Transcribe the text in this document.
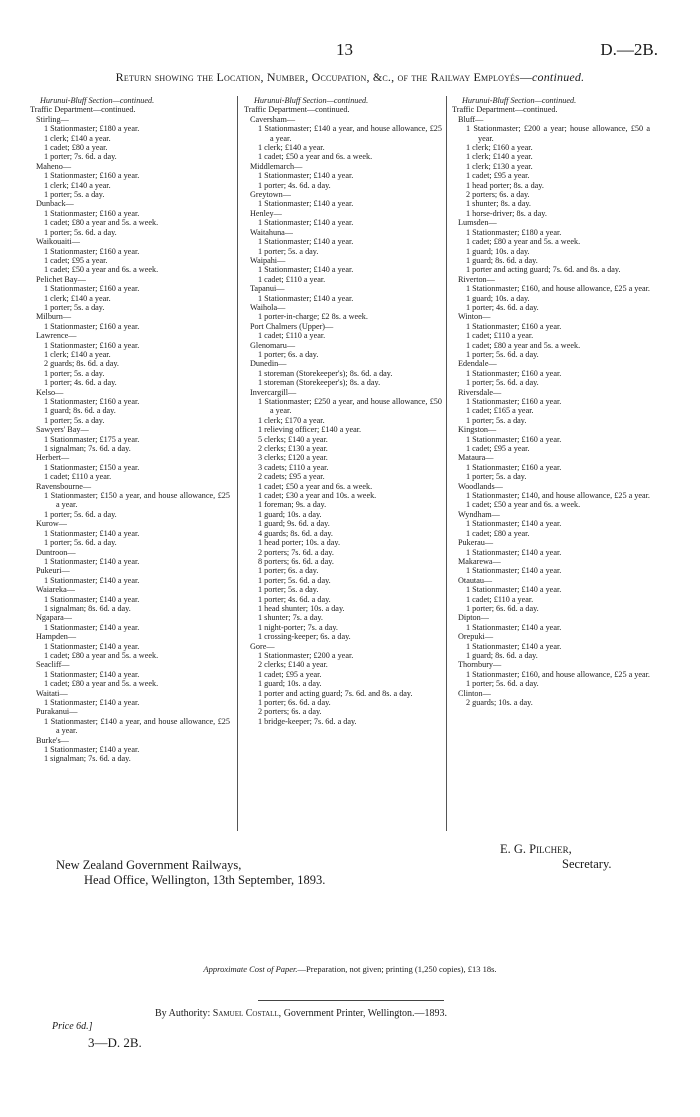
13	D.—2B.
Return showing the Location, Number, Occupation, &c., of the Railway Employés—continued.
Hurunui-Bluff Section—continued.
Traffic Department—continued.
Stirling—
1 Stationmaster; £180 a year.
1 clerk; £140 a year.
1 cadet; £80 a year.
1 porter; 7s. 6d. a day.
Maheno—
1 Stationmaster; £160 a year.
1 clerk; £140 a year.
1 porter; 5s. a day.
Dunback—
1 Stationmaster; £160 a year.
1 cadet; £80 a year and 5s. a week.
1 porter; 5s. 6d. a day.
Waikouaiti—
1 Stationmaster; £160 a year.
1 cadet; £95 a year.
1 cadet; £50 a year and 6s. a week.
Pelichet Bay—
1 Stationmaster; £160 a year.
1 clerk; £140 a year.
1 porter; 5s. a day.
Milburn—
1 Stationmaster; £160 a year.
Lawrence—
1 Stationmaster; £160 a year.
1 clerk; £140 a year.
2 guards; 8s. 6d. a day.
1 porter; 5s. a day.
1 porter; 4s. 6d. a day.
Kelso—
1 Stationmaster; £160 a year.
1 guard; 8s. 6d. a day.
1 porter; 5s. a day.
Sawyers' Bay—
1 Stationmaster; £175 a year.
1 signalman; 7s. 6d. a day.
Herbert—
1 Stationmaster; £150 a year.
1 cadet; £110 a year.
Ravensbourne—
1 Stationmaster; £150 a year, and house allowance, £25 a year.
1 porter; 5s. 6d. a day.
Kurow—
1 Stationmaster; £140 a year.
1 porter; 5s. 6d. a day.
Duntroon—
1 Stationmaster; £140 a year.
Pukeuri—
1 Stationmaster; £140 a year.
Waiareka—
1 Stationmaster; £140 a year.
1 signalman; 8s. 6d. a day.
Ngapara—
1 Stationmaster; £140 a year.
Hampden—
1 Stationmaster; £140 a year.
1 cadet; £80 a year and 5s. a week.
Seacliff—
1 Stationmaster; £140 a year.
1 cadet; £80 a year and 5s. a week.
Waitati—
1 Stationmaster; £140 a year.
Purakanui—
1 Stationmaster; £140 a year, and house allowance, £25 a year.
Burke's—
1 Stationmaster; £140 a year.
1 signalman; 7s. 6d. a day.
Hurunui-Bluff Section—continued.
Traffic Department—continued.
Caversham—
1 Stationmaster; £140 a year, and house allowance, £25 a year.
1 clerk; £140 a year.
1 cadet; £50 a year and 6s. a week.
Middlemarch—
1 Stationmaster; £140 a year.
1 porter; 4s. 6d. a day.
Greytown—
1 Stationmaster; £140 a year.
Henley—
1 Stationmaster; £140 a year.
Waitahuna—
1 Stationmaster; £140 a year.
1 porter; 5s. a day.
Waipahi—
1 Stationmaster; £140 a year.
1 cadet; £110 a year.
Tapanui—
1 Stationmaster; £140 a year.
Waihola—
1 porter-in-charge; £2 8s. a week.
Port Chalmers (Upper)—
1 cadet; £110 a year.
Glenomaru—
1 porter; 6s. a day.
Dunedin—
1 storeman (Storekeeper's); 8s. 6d. a day.
1 storeman (Storekeeper's); 8s. a day.
Invercargill—
1 Stationmaster; £250 a year, and house allowance, £50 a year.
1 clerk; £170 a year.
1 relieving officer; £140 a year.
5 clerks; £140 a year.
2 clerks; £130 a year.
3 clerks; £120 a year.
3 cadets; £110 a year.
2 cadets; £95 a year.
1 cadet; £50 a year and 6s. a week.
1 cadet; £30 a year and 10s. a week.
1 foreman; 9s. a day.
1 guard; 10s. a day.
1 guard; 9s. 6d. a day.
4 guards; 8s. 6d. a day.
1 head porter; 10s. a day.
2 porters; 7s. 6d. a day.
8 porters; 6s. 6d. a day.
1 porter; 6s. a day.
1 porter; 5s. 6d. a day.
1 porter; 5s. a day.
1 porter; 4s. 6d. a day.
1 head shunter; 10s. a day.
1 shunter; 7s. a day.
1 night-porter; 7s. a day.
1 crossing-keeper; 6s. a day.
Gore—
1 Stationmaster; £200 a year.
2 clerks; £140 a year.
1 cadet; £95 a year.
1 guard; 10s. a day.
1 porter and acting guard; 7s. 6d. and 8s. a day.
1 porter; 6s. 6d. a day.
2 porters; 6s. a day.
1 bridge-keeper; 7s. 6d. a day.
Hurunui-Bluff Section—continued.
Traffic Department—continued.
Bluff—
1 Stationmaster; £200 a year; house allowance, £50 a year.
1 clerk; £160 a year.
1 clerk; £140 a year.
1 clerk; £130 a year.
1 cadet; £95 a year.
1 head porter; 8s. a day.
2 porters; 6s. a day.
1 shunter; 8s. a day.
1 horse-driver; 8s. a day.
Lumsden—
1 Stationmaster; £180 a year.
1 cadet; £80 a year and 5s. a week.
1 guard; 10s. a day.
1 guard; 8s. 6d. a day.
1 porter and acting guard; 7s. 6d. and 8s. a day.
Riverton—
1 Stationmaster; £160, and house allowance, £25 a year.
1 guard; 10s. a day.
1 porter; 4s. 6d. a day.
Winton—
1 Stationmaster; £160 a year.
1 cadet; £110 a year.
1 cadet; £80 a year and 5s. a week.
1 porter; 5s. 6d. a day.
Edendale—
1 Stationmaster; £160 a year.
1 porter; 5s. 6d. a day.
Riversdale—
1 Stationmaster; £160 a year.
1 cadet; £165 a year.
1 porter; 5s. a day.
Kingston—
1 Stationmaster; £160 a year.
1 cadet; £95 a year.
Mataura—
1 Stationmaster; £160 a year.
1 porter; 5s. a day.
Woodlands—
1 Stationmaster; £140, and house allowance, £25 a year.
1 cadet; £50 a year and 6s. a week.
Wyndham—
1 Stationmaster; £140 a year.
1 cadet; £80 a year.
Pukerau—
1 Stationmaster; £140 a year.
Makarewa—
1 Stationmaster; £140 a year.
Otautau—
1 Stationmaster; £140 a year.
1 cadet; £110 a year.
1 porter; 6s. 6d. a day.
Dipton—
1 Stationmaster; £140 a year.
Orepuki—
1 Stationmaster; £140 a year.
1 guard; 8s. 6d. a day.
Thornbury—
1 Stationmaster; £160, and house allowance, £25 a year.
1 porter; 5s. 6d. a day.
Clinton—
2 guards; 10s. a day.
New Zealand Government Railways,
Head Office, Wellington, 13th September, 1893.
E. G. Pilcher,
Secretary.
Approximate Cost of Paper.—Preparation, not given; printing (1,250 copies), £13 18s.
By Authority: Samuel Costall, Government Printer, Wellington.—1893.
Price 6d.]
3—D. 2B.
